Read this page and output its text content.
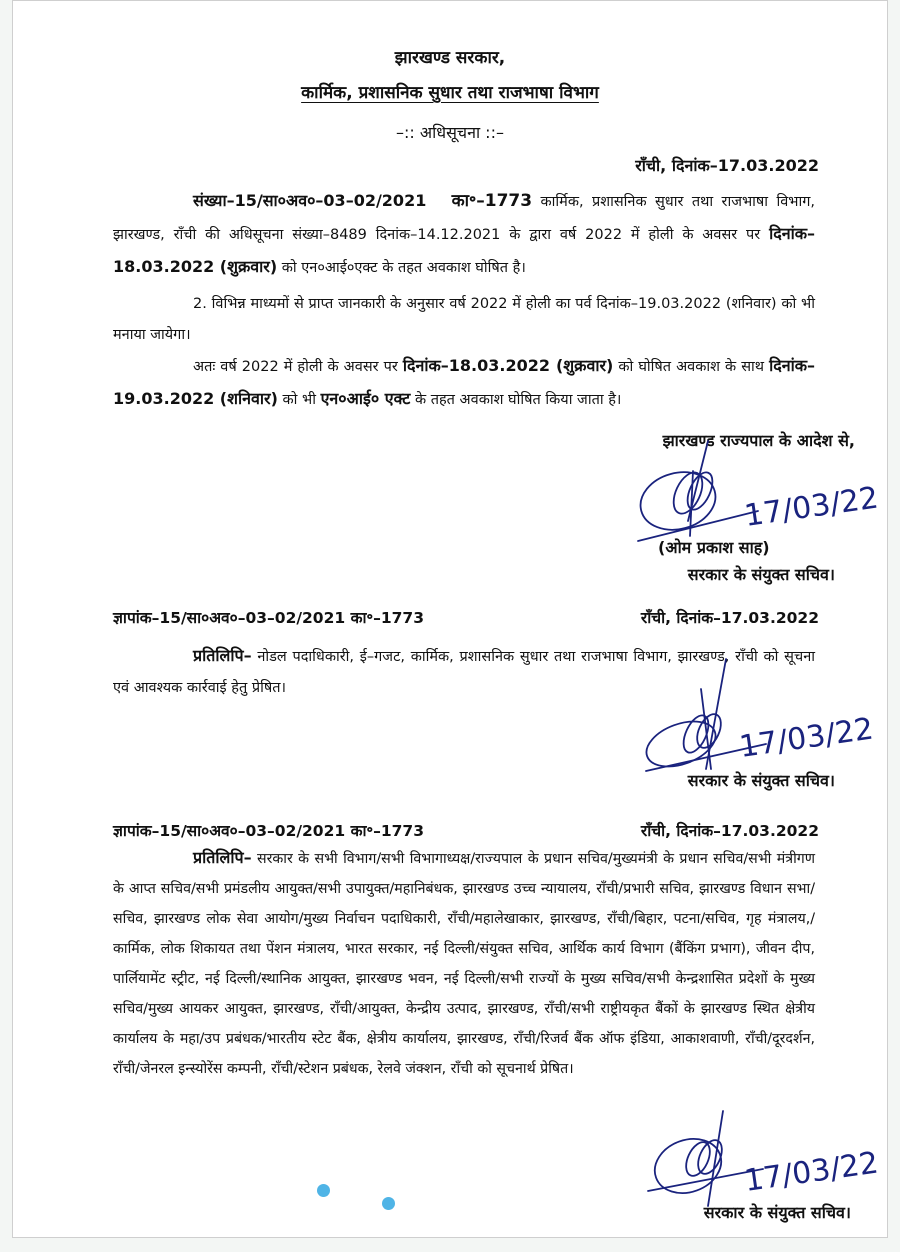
झारखण्ड सरकार,
कार्मिक, प्रशासनिक सुधार तथा राजभाषा विभाग
–:: अधिसूचना ::–
राँची, दिनांक–17.03.2022
संख्या–15/सा०अव०–03–02/2021 का॰–1773 कार्मिक, प्रशासनिक सुधार तथा राजभाषा विभाग, झारखण्ड, राँची की अधिसूचना संख्या–8489 दिनांक–14.12.2021 के द्वारा वर्ष 2022 में होली के अवसर पर दिनांक–18.03.2022 (शुक्रवार) को एन०आई०एक्ट के तहत अवकाश घोषित है।
2. विभिन्न माध्यमों से प्राप्त जानकारी के अनुसार वर्ष 2022 में होली का पर्व दिनांक–19.03.2022 (शनिवार) को भी मनाया जायेगा।
अतः वर्ष 2022 में होली के अवसर पर दिनांक–18.03.2022 (शुक्रवार) को घोषित अवकाश के साथ दिनांक–19.03.2022 (शनिवार) को भी एन०आई० एक्ट के तहत अवकाश घोषित किया जाता है।
झारखण्ड राज्यपाल के आदेश से,
17/03/22
(ओम प्रकाश साह)
सरकार के संयुक्त सचिव।
ज्ञापांक–15/सा०अव०–03–02/2021 का॰–1773	राँची, दिनांक–17.03.2022
प्रतिलिपि– नोडल पदाधिकारी, ई–गजट, कार्मिक, प्रशासनिक सुधार तथा राजभाषा विभाग, झारखण्ड, राँची को सूचना एवं आवश्यक कार्रवाई हेतु प्रेषित।
17/03/22
सरकार के संयुक्त सचिव।
ज्ञापांक–15/सा०अव०–03–02/2021 का॰–1773	राँची, दिनांक–17.03.2022
प्रतिलिपि– सरकार के सभी विभाग/सभी विभागाध्यक्ष/राज्यपाल के प्रधान सचिव/मुख्यमंत्री के प्रधान सचिव/सभी मंत्रीगण के आप्त सचिव/सभी प्रमंडलीय आयुक्त/सभी उपायुक्त/महानिबंधक, झारखण्ड उच्च न्यायालय, राँची/प्रभारी सचिव, झारखण्ड विधान सभा/सचिव, झारखण्ड लोक सेवा आयोग/मुख्य निर्वाचन पदाधिकारी, राँची/महालेखाकार, झारखण्ड, राँची/बिहार, पटना/सचिव, गृह मंत्रालय,/कार्मिक, लोक शिकायत तथा पेंशन मंत्रालय, भारत सरकार, नई दिल्ली/संयुक्त सचिव, आर्थिक कार्य विभाग (बैंकिंग प्रभाग), जीवन दीप, पार्लियामेंट स्ट्रीट, नई दिल्ली/स्थानिक आयुक्त, झारखण्ड भवन, नई दिल्ली/सभी राज्यों के मुख्य सचिव/सभी केन्द्रशासित प्रदेशों के मुख्य सचिव/मुख्य आयकर आयुक्त, झारखण्ड, राँची/आयुक्त, केन्द्रीय उत्पाद, झारखण्ड, राँची/सभी राष्ट्रीयकृत बैंकों के झारखण्ड स्थित क्षेत्रीय कार्यालय के महा/उप प्रबंधक/भारतीय स्टेट बैंक, क्षेत्रीय कार्यालय, झारखण्ड, राँची/रिजर्व बैंक ऑफ इंडिया, आकाशवाणी, राँची/दूरदर्शन, राँची/जेनरल इन्स्योरेंस कम्पनी, राँची/स्टेशन प्रबंधक, रेलवे जंक्शन, राँची को सूचनार्थ प्रेषित।
17/03/22
सरकार के संयुक्त सचिव।
